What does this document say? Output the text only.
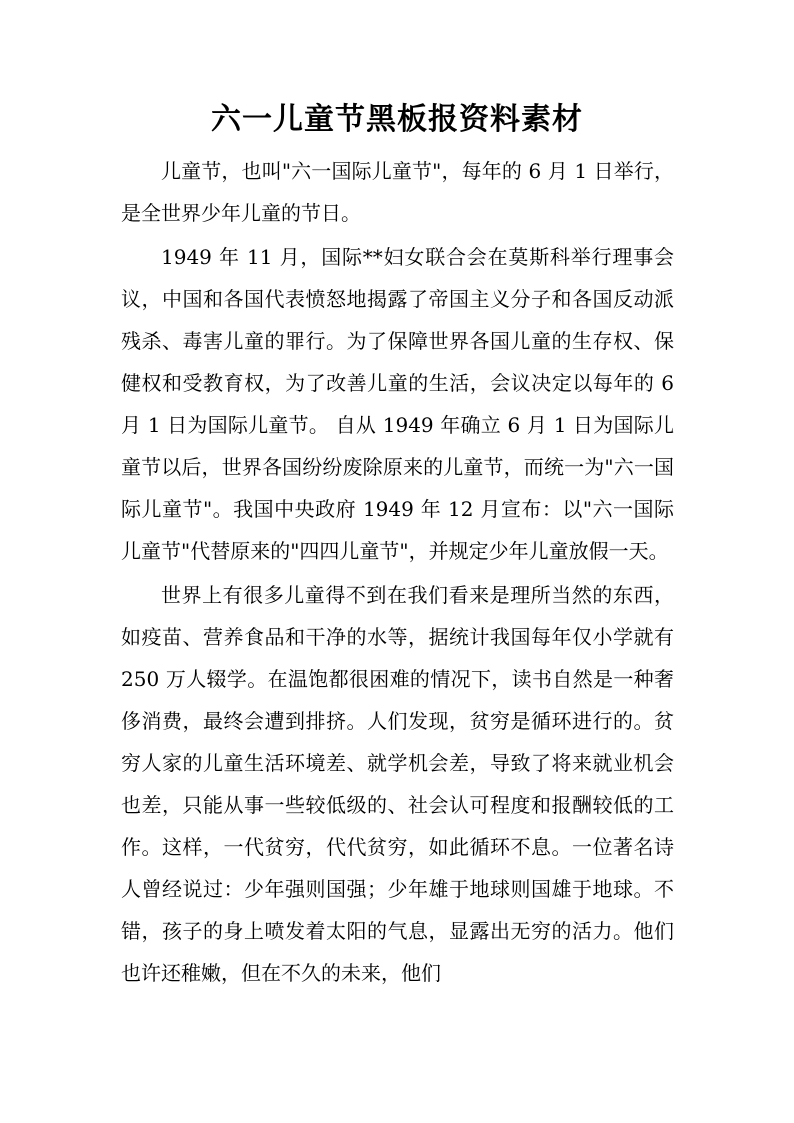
六一儿童节黑板报资料素材

儿童节，也叫"六一国际儿童节"，每年的 6 月 1 日举行，是全世界少年儿童的节日。

1949 年 11 月，国际**妇女联合会在莫斯科举行理事会议，中国和各国代表愤怒地揭露了帝国主义分子和各国反动派残杀、毒害儿童的罪行。为了保障世界各国儿童的生存权、保健权和受教育权，为了改善儿童的生活，会议决定以每年的 6 月 1 日为国际儿童节。 自从 1949 年确立 6 月 1 日为国际儿童节以后，世界各国纷纷废除原来的儿童节，而统一为"六一国际儿童节"。我国中央政府 1949 年 12 月宣布：以"六一国际儿童节"代替原来的"四四儿童节"，并规定少年儿童放假一天。

世界上有很多儿童得不到在我们看来是理所当然的东西，如疫苗、营养食品和干净的水等，据统计我国每年仅小学就有 250 万人辍学。在温饱都很困难的情况下，读书自然是一种奢侈消费，最终会遭到排挤。人们发现，贫穷是循环进行的。贫穷人家的儿童生活环境差、就学机会差，导致了将来就业机会也差，只能从事一些较低级的、社会认可程度和报酬较低的工作。这样，一代贫穷，代代贫穷，如此循环不息。一位著名诗人曾经说过：少年强则国强；少年雄于地球则国雄于地球。不错，孩子的身上喷发着太阳的气息，显露出无穷的活力。他们也许还稚嫩，但在不久的未来，他们
